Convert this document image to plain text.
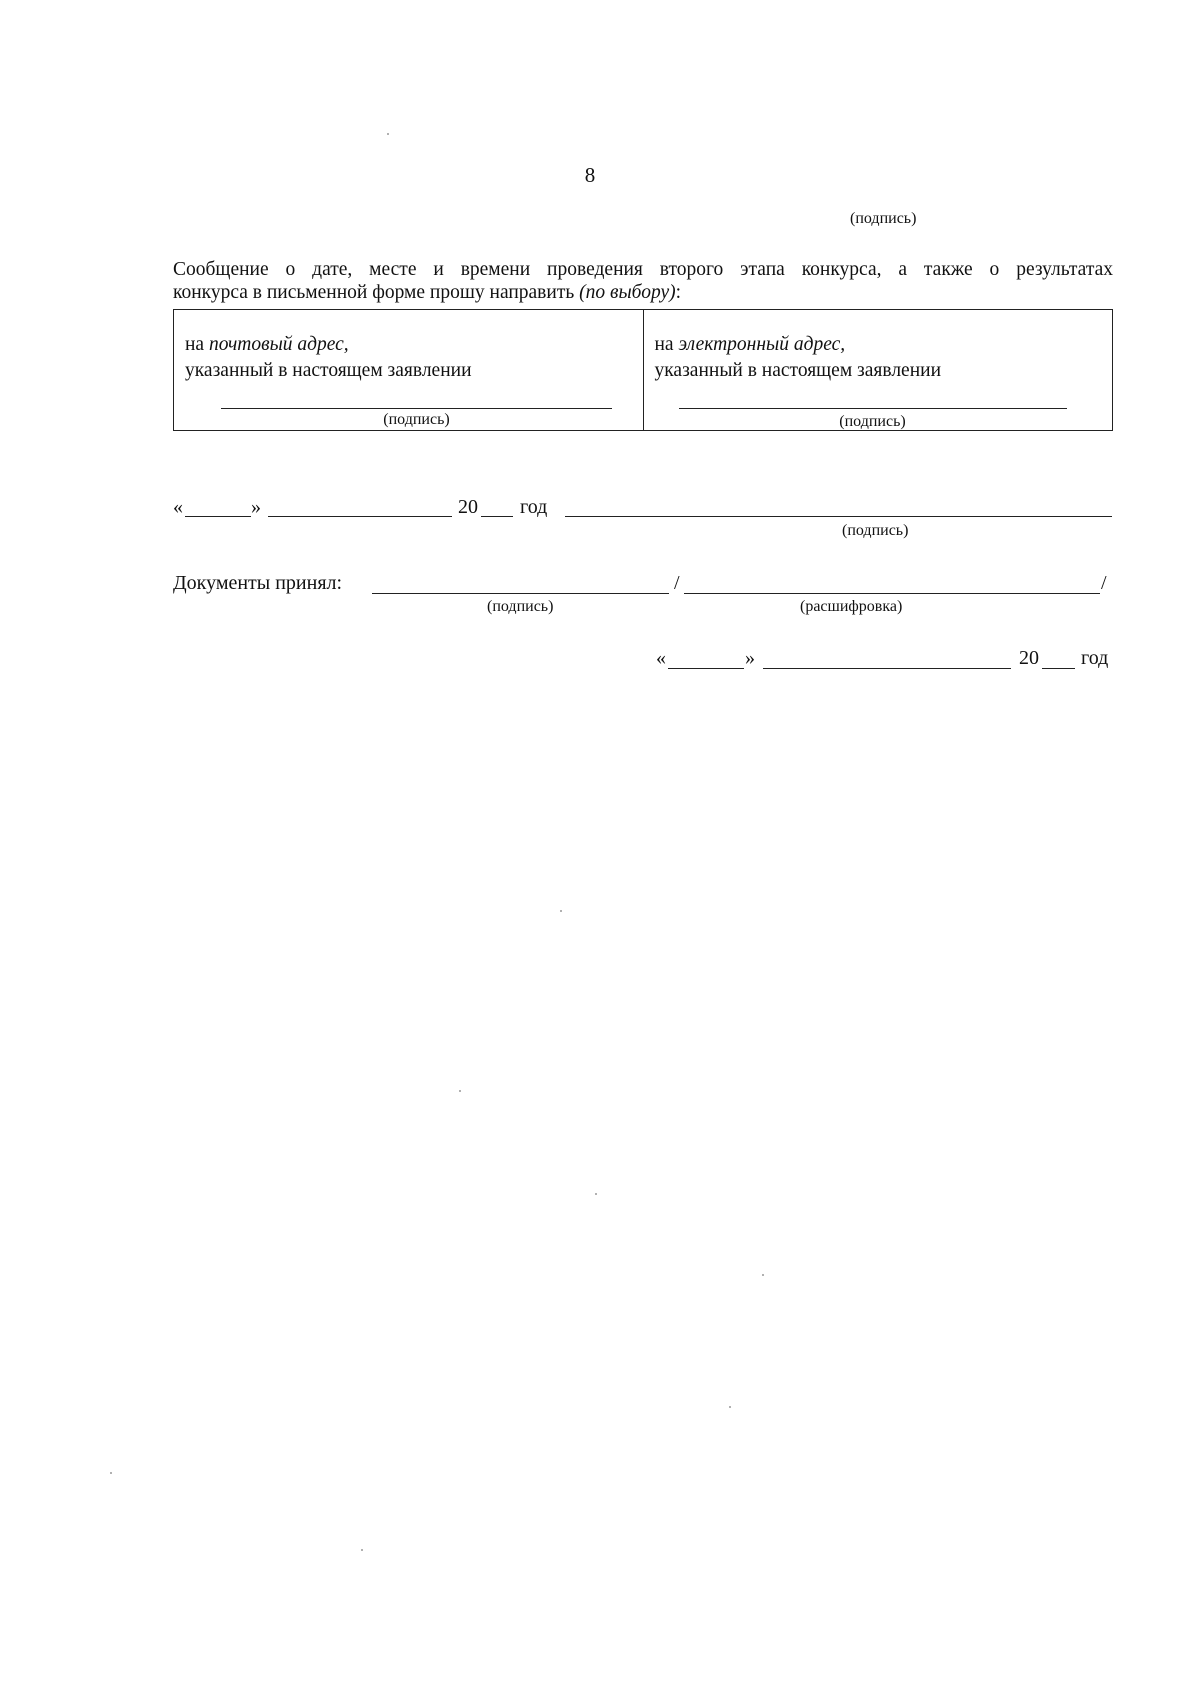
8
(подпись)
Сообщение о дате, месте и времени проведения второго этапа конкурса, а также о результатах
конкурса в письменной форме прошу направить (по выбору):
на почтовый адрес,
указанный в настоящем заявлении
(подпись)
на электронный адрес,
указанный в настоящем заявлении
(подпись)
«	»	20 год
(подпись)
Документы принял:	/	/
(подпись)	(расшифровка)
«	»	20 год
